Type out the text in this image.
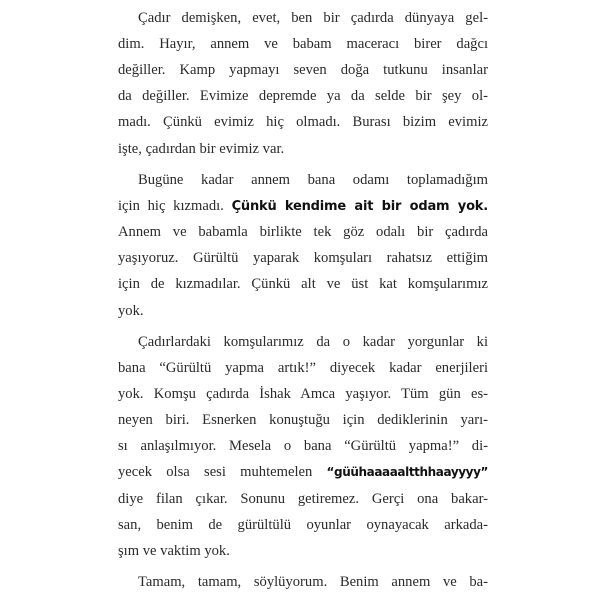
Çadır demişken, evet, ben bir çadırda dünyaya gel-
dim. Hayır, annem ve babam maceracı birer dağcı
değiller. Kamp yapmayı seven doğa tutkunu insanlar
da değiller. Evimize depremde ya da selde bir şey ol-
madı. Çünkü evimiz hiç olmadı. Burası bizim evimiz
işte, çadırdan bir evimiz var.
Bugüne kadar annem bana odamı toplamadığım
için hiç kızmadı. Çünkü kendime ait bir odam yok.
Annem ve babamla birlikte tek göz odalı bir çadırda
yaşıyoruz. Gürültü yaparak komşuları rahatsız ettiğim
için de kızmadılar. Çünkü alt ve üst kat komşularımız
yok.
Çadırlardaki komşularımız da o kadar yorgunlar ki
bana “Gürültü yapma artık!” diyecek kadar enerjileri
yok. Komşu çadırda İshak Amca yaşıyor. Tüm gün es-
neyen biri. Esnerken konuştuğu için dediklerinin yarı-
sı anlaşılmıyor. Mesela o bana “Gürültü yapma!” di-
yecek olsa sesi muhtemelen “güühaaaaaltthhaayyyy”
diye filan çıkar. Sonunu getiremez. Gerçi ona bakar-
san, benim de gürültülü oyunlar oynayacak arkada-
şım ve vaktim yok.
Tamam, tamam, söylüyorum. Benim annem ve ba-
